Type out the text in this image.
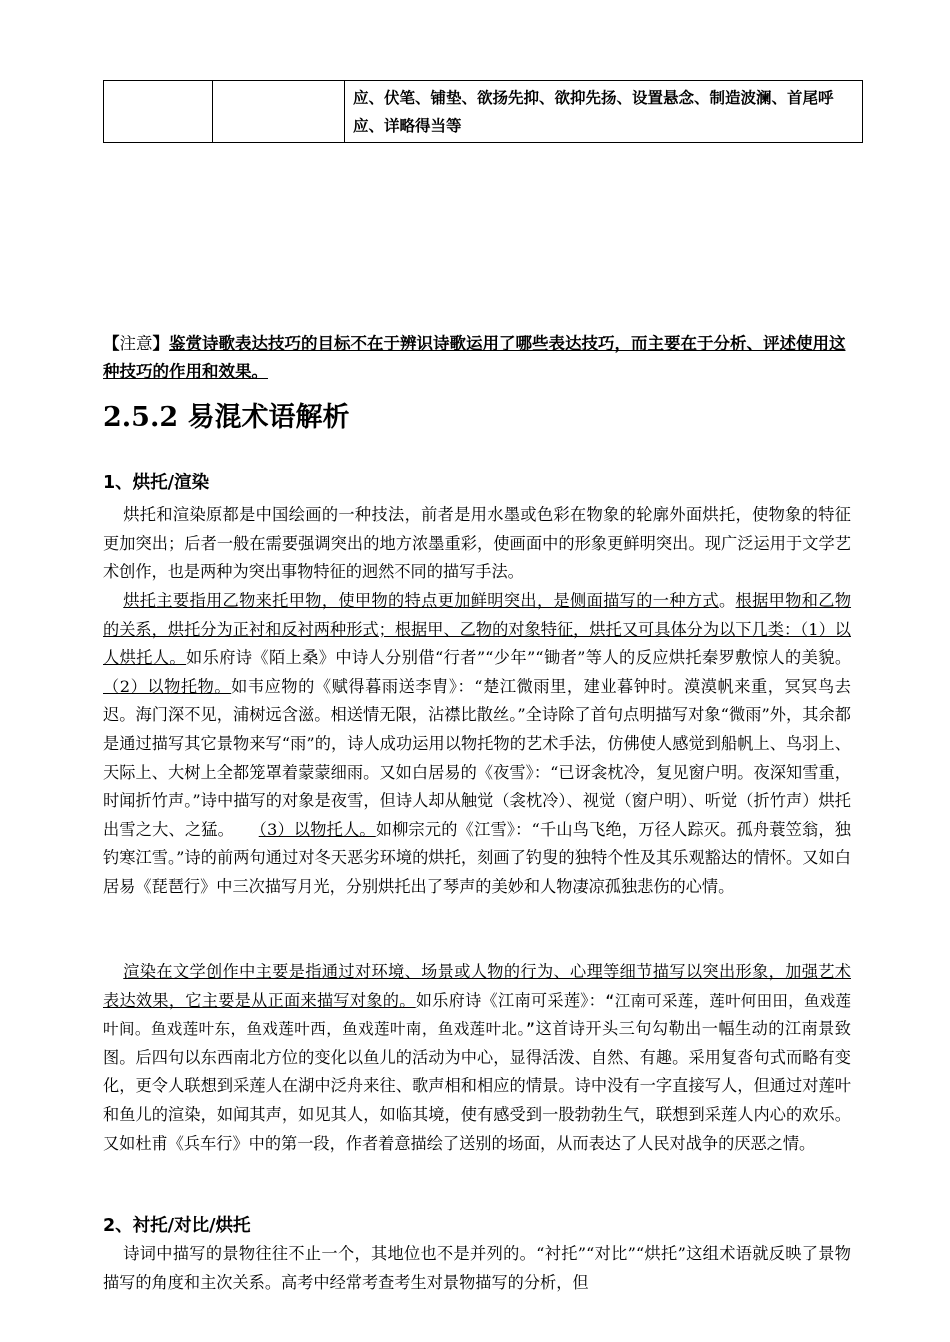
		应、伏笔、铺垫、欲扬先抑、欲抑先扬、设置悬念、制造波澜、首尾呼应、详略得当等

【注意】鉴赏诗歌表达技巧的目标不在于辨识诗歌运用了哪些表达技巧，而主要在于分析、评述使用这种技巧的作用和效果。

2.5.2 易混术语解析
1、烘托/渲染

烘托和渲染原都是中国绘画的一种技法，前者是用水墨或色彩在物象的轮廓外面烘托，使物象的特征更加突出；后者一般在需要强调突出的地方浓墨重彩，使画面中的形象更鲜明突出。现广泛运用于文学艺术创作，也是两种为突出事物特征的迥然不同的描写手法。

烘托主要指用乙物来托甲物，使甲物的特点更加鲜明突出，是侧面描写的一种方式。根据甲物和乙物的关系，烘托分为正衬和反衬两种形式；根据甲、乙物的对象特征，烘托又可具体分为以下几类：（1）以人烘托人。如乐府诗《陌上桑》中诗人分别借“行者”“少年”“锄者”等人的反应烘托秦罗敷惊人的美貌。（2）以物托物。如韦应物的《赋得暮雨送李胄》：“楚江微雨里，建业暮钟时。漠漠帆来重，冥冥鸟去迟。海门深不见，浦树远含滋。相送情无限，沾襟比散丝。”全诗除了首句点明描写对象“微雨”外，其余都是通过描写其它景物来写“雨”的，诗人成功运用以物托物的艺术手法，仿佛使人感觉到船帆上、鸟羽上、天际上、大树上全都笼罩着蒙蒙细雨。又如白居易的《夜雪》：“已讶衾枕冷，复见窗户明。夜深知雪重，时闻折竹声。”诗中描写的对象是夜雪，但诗人却从触觉（衾枕冷）、视觉（窗户明）、听觉（折竹声）烘托出雪之大、之猛。　　（3）以物托人。如柳宗元的《江雪》：“千山鸟飞绝，万径人踪灭。孤舟蓑笠翁，独钓寒江雪。”诗的前两句通过对冬天恶劣环境的烘托，刻画了钓叟的独特个性及其乐观豁达的情怀。又如白居易《琵琶行》中三次描写月光，分别烘托出了琴声的美妙和人物凄凉孤独悲伤的心情。

渲染在文学创作中主要是指通过对环境、场景或人物的行为、心理等细节描写以突出形象，加强艺术表达效果，它主要是从正面来描写对象的。如乐府诗《江南可采莲》：“江南可采莲，莲叶何田田，鱼戏莲叶间。鱼戏莲叶东，鱼戏莲叶西，鱼戏莲叶南，鱼戏莲叶北。”这首诗开头三句勾勒出一幅生动的江南景致图。后四句以东西南北方位的变化以鱼儿的活动为中心，显得活泼、自然、有趣。采用复沓句式而略有变化，更令人联想到采莲人在湖中泛舟来往、歌声相和相应的情景。诗中没有一字直接写人，但通过对莲叶和鱼儿的渲染，如闻其声，如见其人，如临其境，使有感受到一股勃勃生气，联想到采莲人内心的欢乐。又如杜甫《兵车行》中的第一段，作者着意描绘了送别的场面，从而表达了人民对战争的厌恶之情。

2、衬托/对比/烘托

诗词中描写的景物往往不止一个，其地位也不是并列的。“衬托”“对比”“烘托”这组术语就反映了景物描写的角度和主次关系。高考中经常考查考生对景物描写的分析，但
